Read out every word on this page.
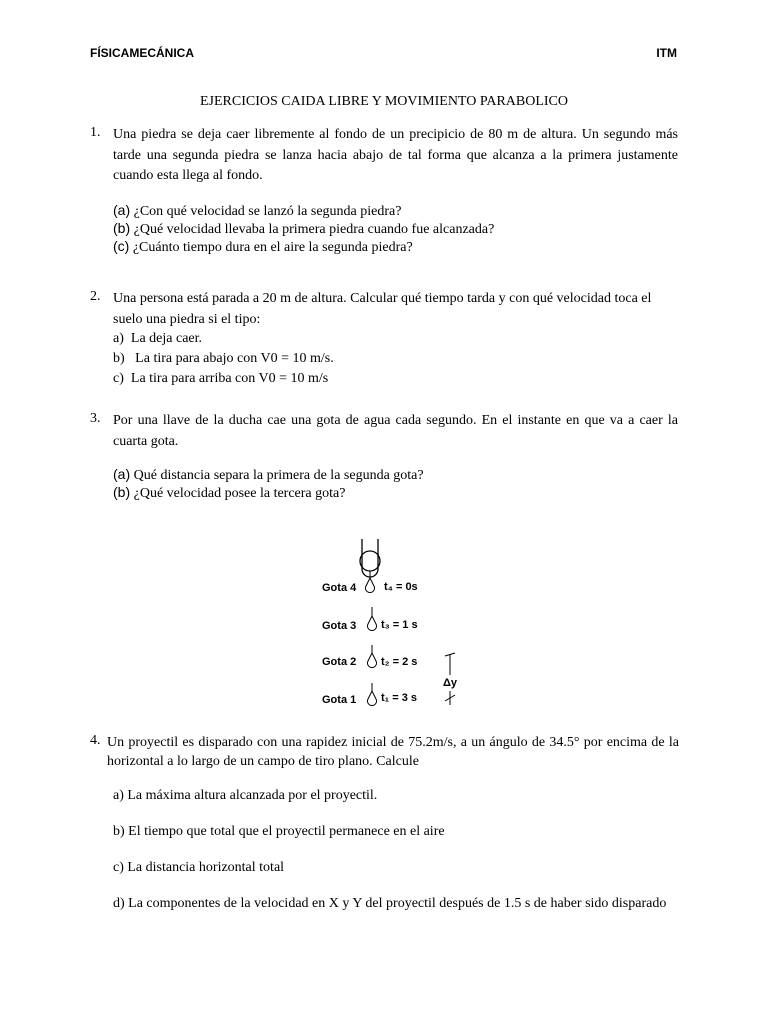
FÍSICAMECÁNICA	ITM
EJERCICIOS CAIDA LIBRE Y MOVIMIENTO PARABOLICO
1. Una piedra se deja caer libremente al fondo de un precipicio de 80 m de altura. Un segundo más tarde una segunda piedra se lanza hacia abajo de tal forma que alcanza a la primera justamente cuando esta llega al fondo.
(a) ¿Con qué velocidad se lanzó la segunda piedra?
(b) ¿Qué velocidad llevaba la primera piedra cuando fue alcanzada?
(c) ¿Cuánto tiempo dura en el aire la segunda piedra?
2. Una persona está parada a 20 m de altura. Calcular qué tiempo tarda y con qué velocidad toca el suelo una piedra si el tipo:
a) La deja caer.
b)   La tira para abajo con V0 = 10 m/s.
c) La tira para arriba con V0 = 10 m/s
3. Por una llave de la ducha cae una gota de agua cada segundo. En el instante en que va a caer la cuarta gota.
(a) Qué distancia separa la primera de la segunda gota?
(b) ¿Qué velocidad posee la tercera gota?
Gota 4	t₄ = 0s
Gota 3 t₃ = 1 s
Gota 2 t₂ = 2 s
Gota 1 t₁ = 3 s
Δy
4. Un proyectil es disparado con una rapidez inicial de 75.2m/s, a un ángulo de 34.5° por encima de la horizontal a lo largo de un campo de tiro plano. Calcule
a) La máxima altura alcanzada por el proyectil.
b) El tiempo que total que el proyectil permanece en el aire
c) La distancia horizontal total
d) La componentes de la velocidad en X y Y del proyectil después de 1.5 s de haber sido disparado
